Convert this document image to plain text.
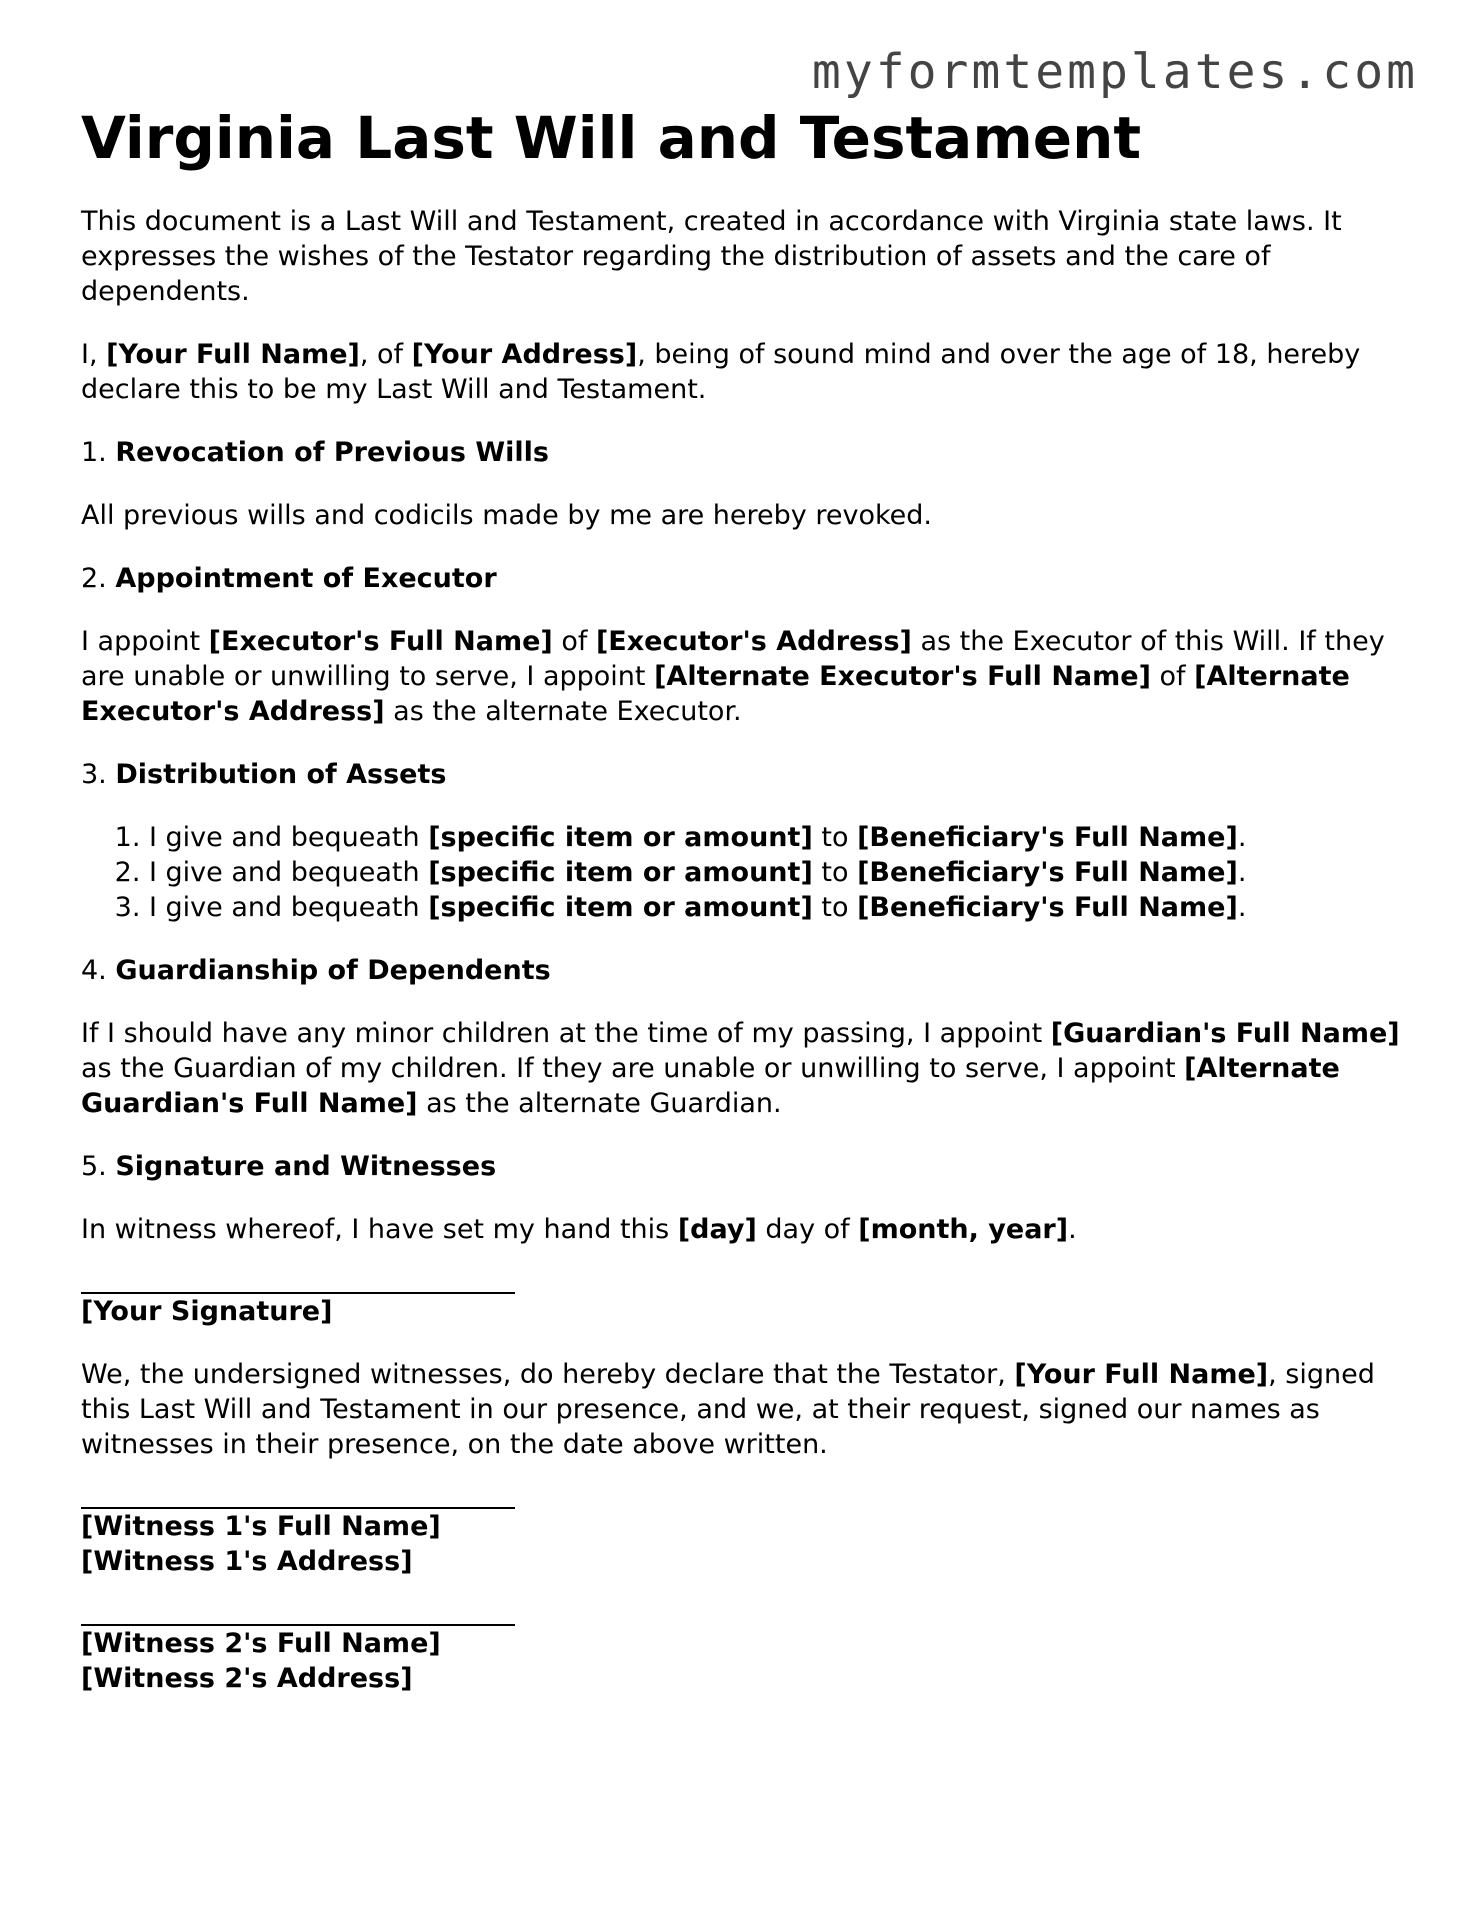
myformtemplates.com
Virginia Last Will and Testament

This document is a Last Will and Testament, created in accordance with Virginia state laws. It expresses the wishes of the Testator regarding the distribution of assets and the care of dependents.

I, [Your Full Name], of [Your Address], being of sound mind and over the age of 18, hereby declare this to be my Last Will and Testament.

1. Revocation of Previous Wills

All previous wills and codicils made by me are hereby revoked.

2. Appointment of Executor

I appoint [Executor's Full Name] of [Executor's Address] as the Executor of this Will. If they are unable or unwilling to serve, I appoint [Alternate Executor's Full Name] of [Alternate Executor's Address] as the alternate Executor.

3. Distribution of Assets

1. I give and bequeath [specific item or amount] to [Beneficiary's Full Name].
2. I give and bequeath [specific item or amount] to [Beneficiary's Full Name].
3. I give and bequeath [specific item or amount] to [Beneficiary's Full Name].

4. Guardianship of Dependents

If I should have any minor children at the time of my passing, I appoint [Guardian's Full Name] as the Guardian of my children. If they are unable or unwilling to serve, I appoint [Alternate Guardian's Full Name] as the alternate Guardian.

5. Signature and Witnesses

In witness whereof, I have set my hand this [day] day of [month, year].

[Your Signature]

We, the undersigned witnesses, do hereby declare that the Testator, [Your Full Name], signed this Last Will and Testament in our presence, and we, at their request, signed our names as witnesses in their presence, on the date above written.

[Witness 1's Full Name]
[Witness 1's Address]
[Witness 2's Full Name]
[Witness 2's Address]
